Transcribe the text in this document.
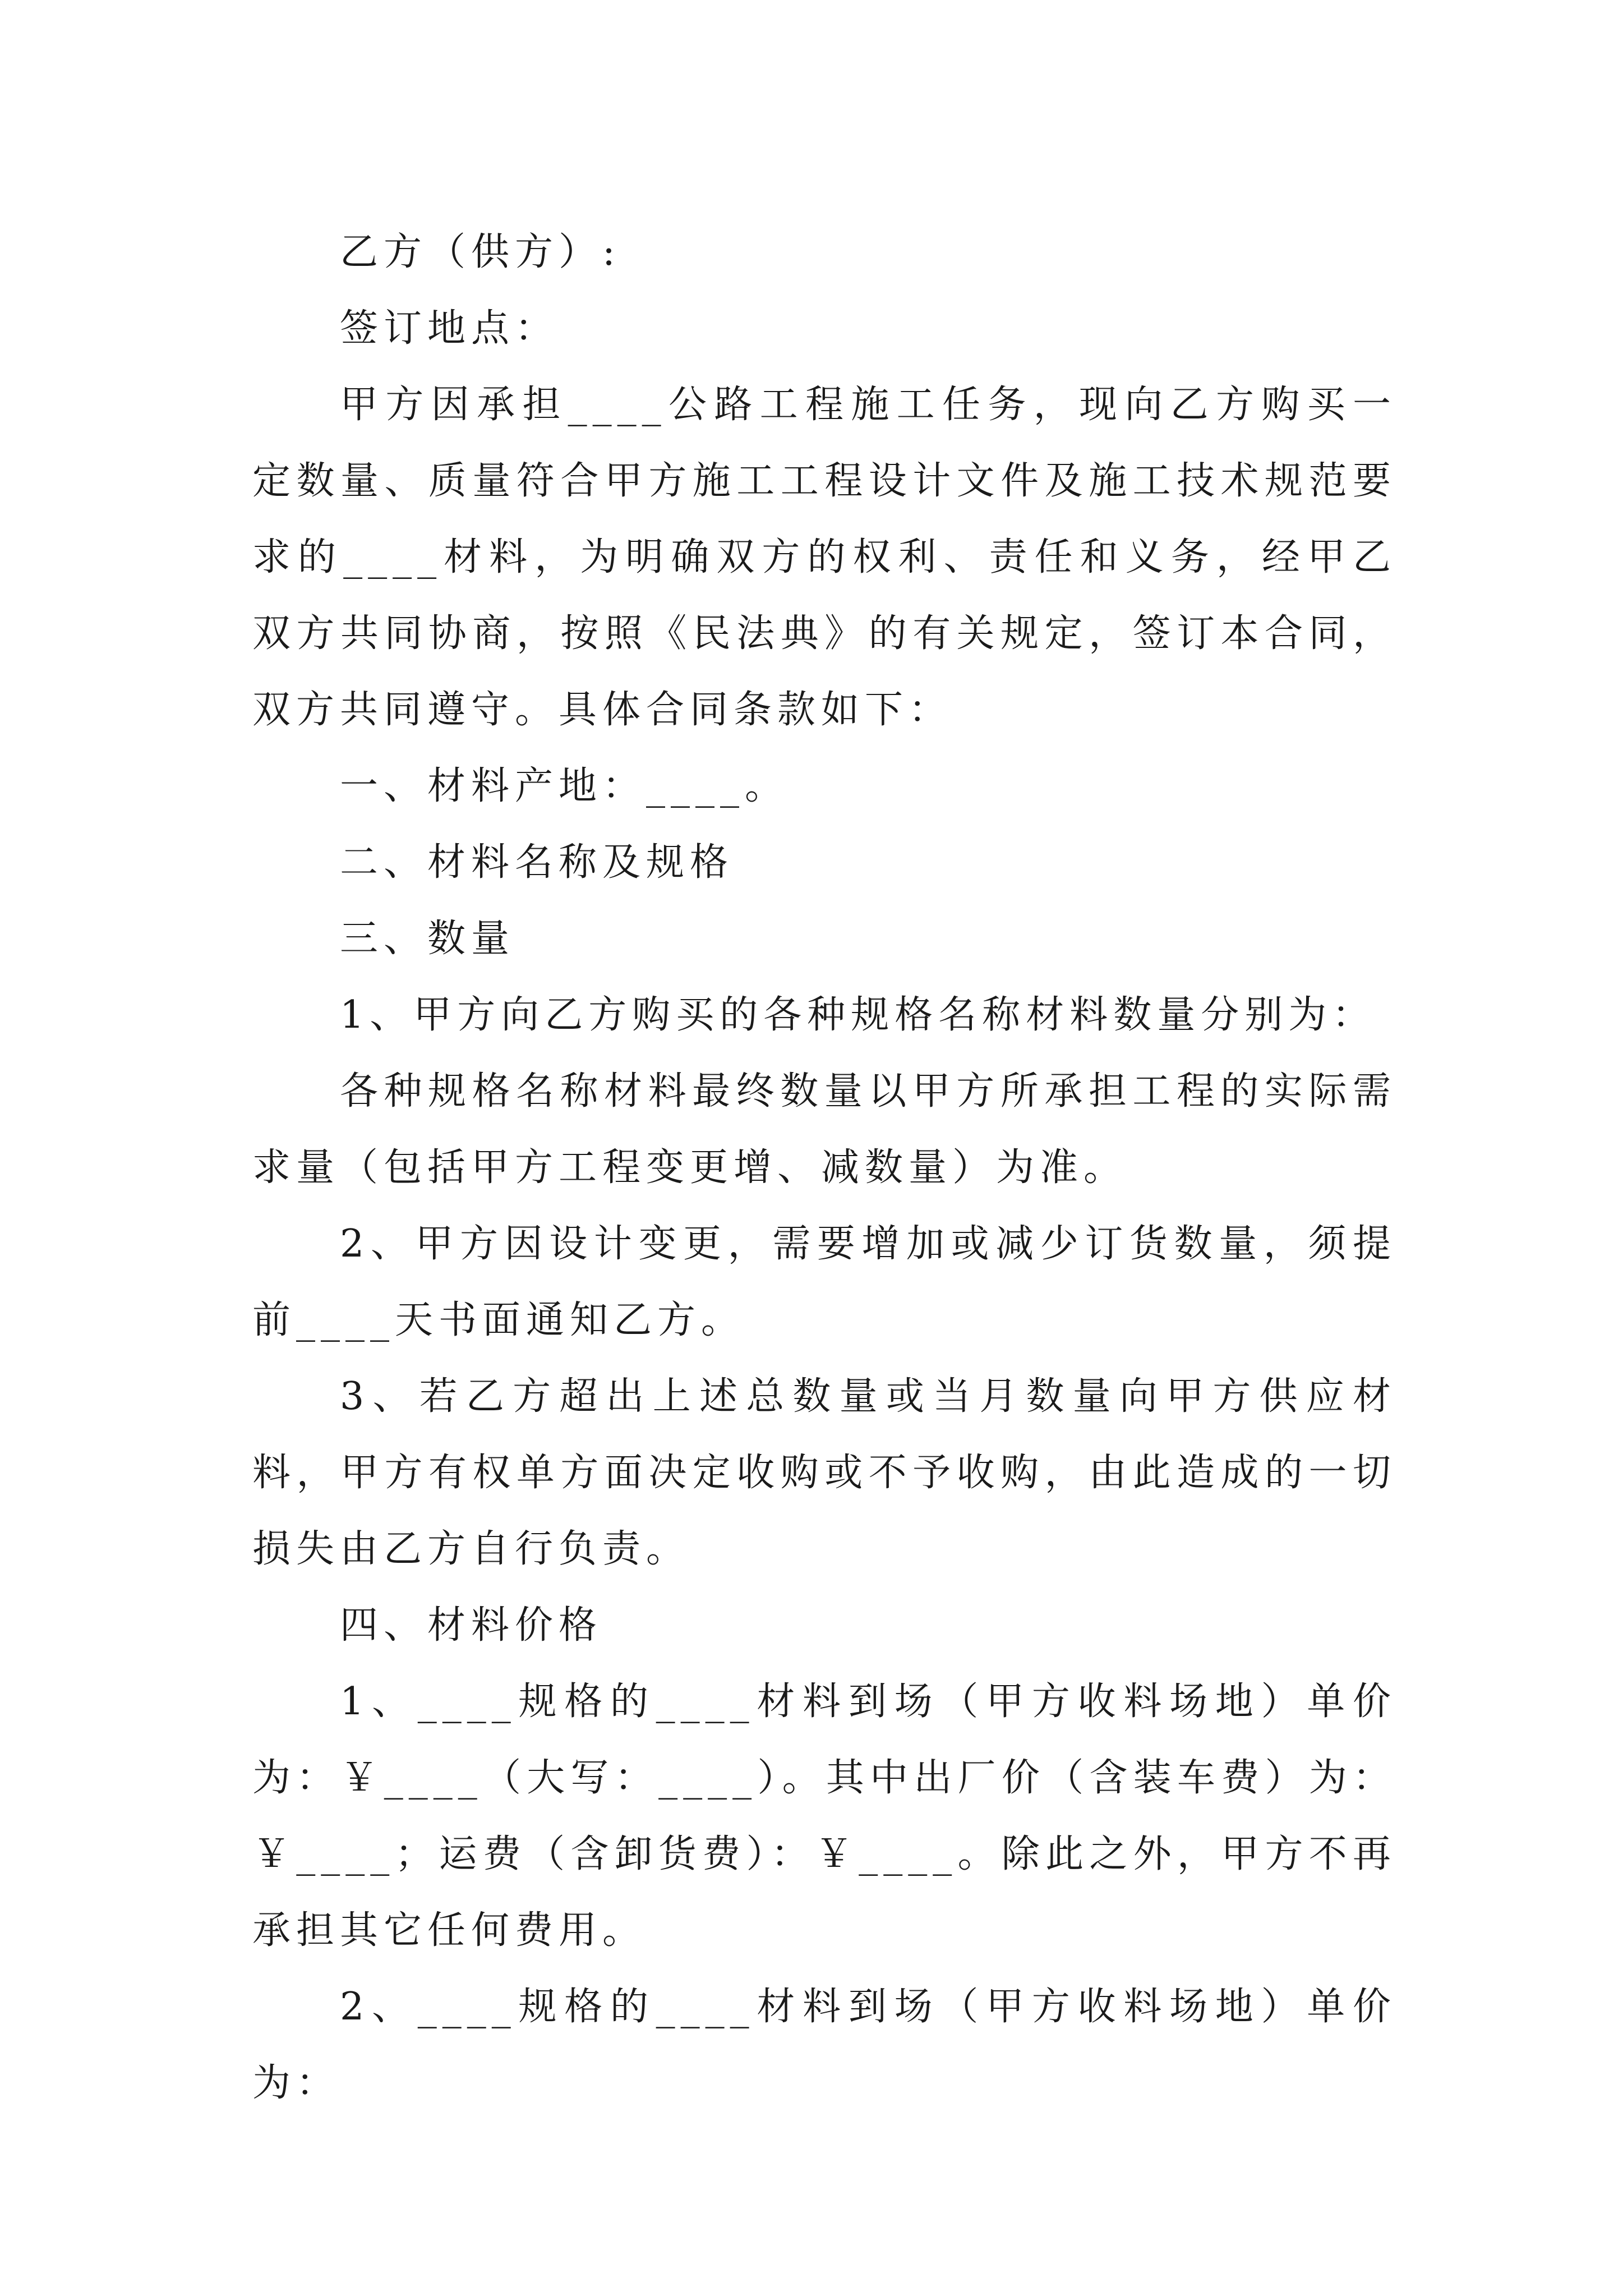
乙方（供方）:

签订地点：

甲方因承担____公路工程施工任务，现向乙方购买一定数量、质量符合甲方施工工程设计文件及施工技术规范要求的____材料，为明确双方的权利、责任和义务，经甲乙双方共同协商，按照《民法典》的有关规定，签订本合同，双方共同遵守。具体合同条款如下：

一、材料产地：____。

二、材料名称及规格

三、数量

1、甲方向乙方购买的各种规格名称材料数量分别为：

各种规格名称材料最终数量以甲方所承担工程的实际需求量（包括甲方工程变更增、减数量）为准。

2、甲方因设计变更，需要增加或减少订货数量，须提前____天书面通知乙方。

3、若乙方超出上述总数量或当月数量向甲方供应材料，甲方有权单方面决定收购或不予收购，由此造成的一切损失由乙方自行负责。

四、材料价格

1、____规格的____材料到场（甲方收料场地）单价为：￥____（大写：____）。其中出厂价（含装车费）为：￥____；运费（含卸货费）：￥____。除此之外，甲方不再承担其它任何费用。

2、____规格的____材料到场（甲方收料场地）单价为：
